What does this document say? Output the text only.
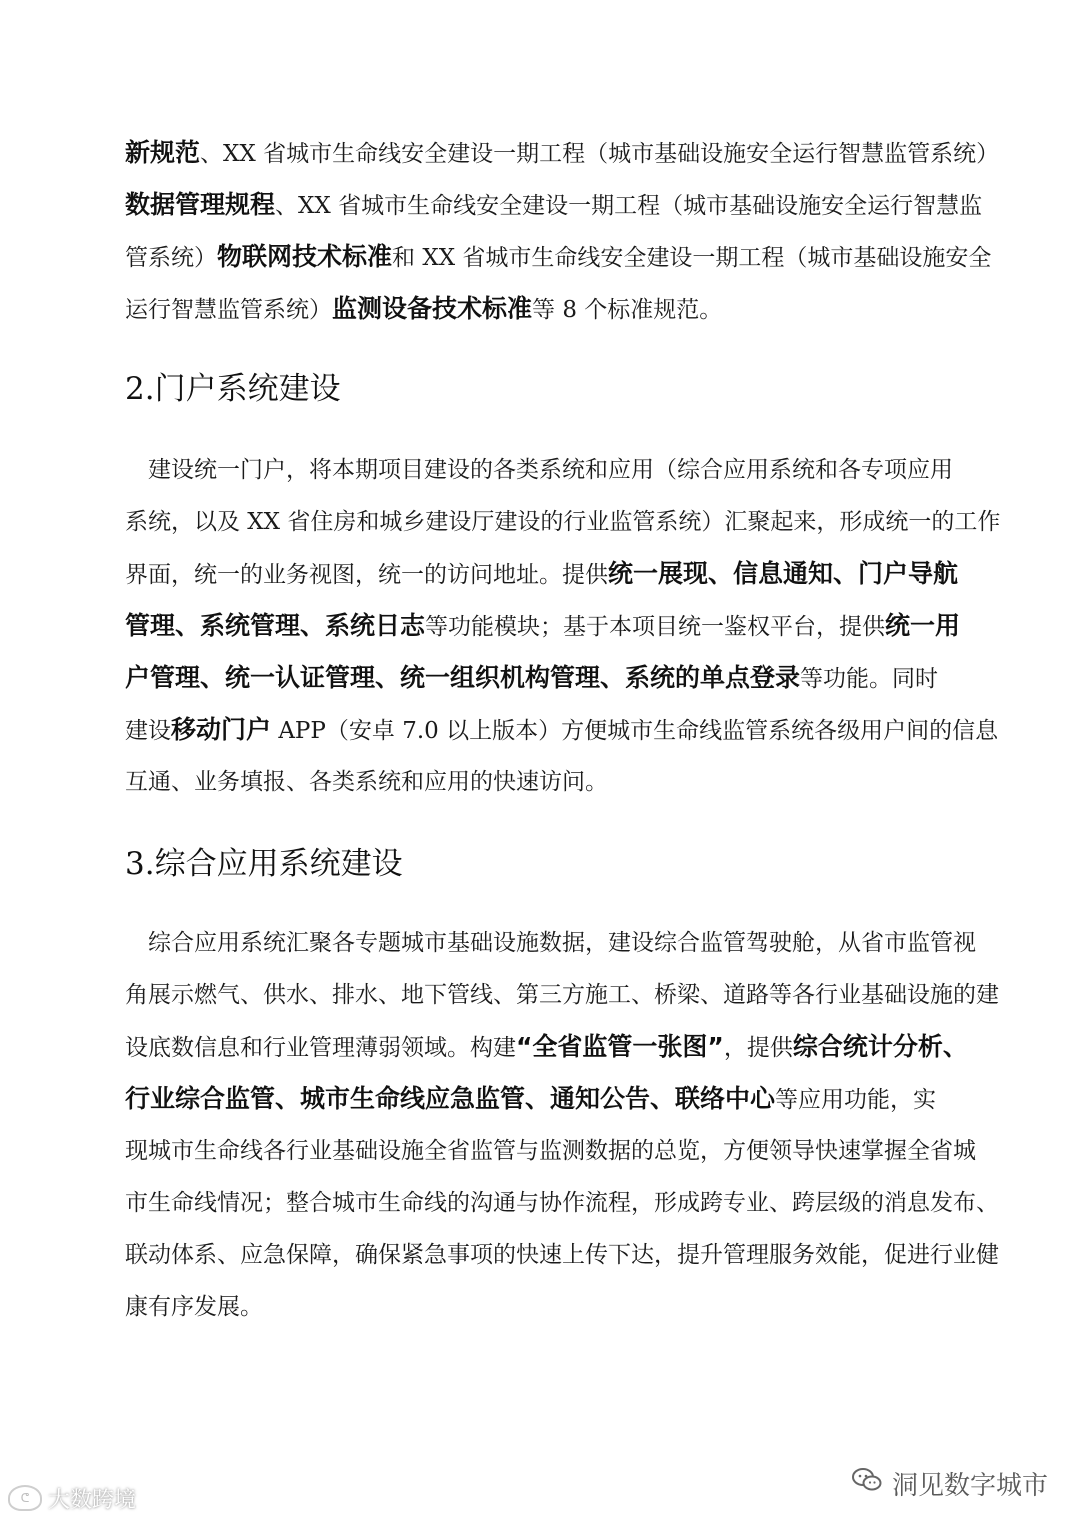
新规范、XX 省城市生命线安全建设一期工程（城市基础设施安全运行智慧监管系统）
数据管理规程、XX 省城市生命线安全建设一期工程（城市基础设施安全运行智慧监
管系统）物联网技术标准和 XX 省城市生命线安全建设一期工程（城市基础设施安全
运行智慧监管系统）监测设备技术标准等 8 个标准规范。
2.门户系统建设
　建设统一门户，将本期项目建设的各类系统和应用（综合应用系统和各专项应用
系统，以及 XX 省住房和城乡建设厅建设的行业监管系统）汇聚起来，形成统一的工作
界面，统一的业务视图，统一的访问地址。提供统一展现、信息通知、门户导航
管理、系统管理、系统日志等功能模块；基于本项目统一鉴权平台，提供统一用
户管理、统一认证管理、统一组织机构管理、系统的单点登录等功能。同时
建设移动门户 APP（安卓 7.0 以上版本）方便城市生命线监管系统各级用户间的信息
互通、业务填报、各类系统和应用的快速访问。
3.综合应用系统建设
　综合应用系统汇聚各专题城市基础设施数据，建设综合监管驾驶舱，从省市监管视
角展示燃气、供水、排水、地下管线、第三方施工、桥梁、道路等各行业基础设施的建
设底数信息和行业管理薄弱领域。构建“全省监管一张图”，提供综合统计分析、
行业综合监管、城市生命线应急监管、通知公告、联络中心等应用功能，实
现城市生命线各行业基础设施全省监管与监测数据的总览，方便领导快速掌握全省城
市生命线情况；整合城市生命线的沟通与协作流程，形成跨专业、跨层级的消息发布、
联动体系、应急保障，确保紧急事项的快速上传下达，提升管理服务效能，促进行业健
康有序发展。
ᕦ 大数跨境	洞见数字城市
